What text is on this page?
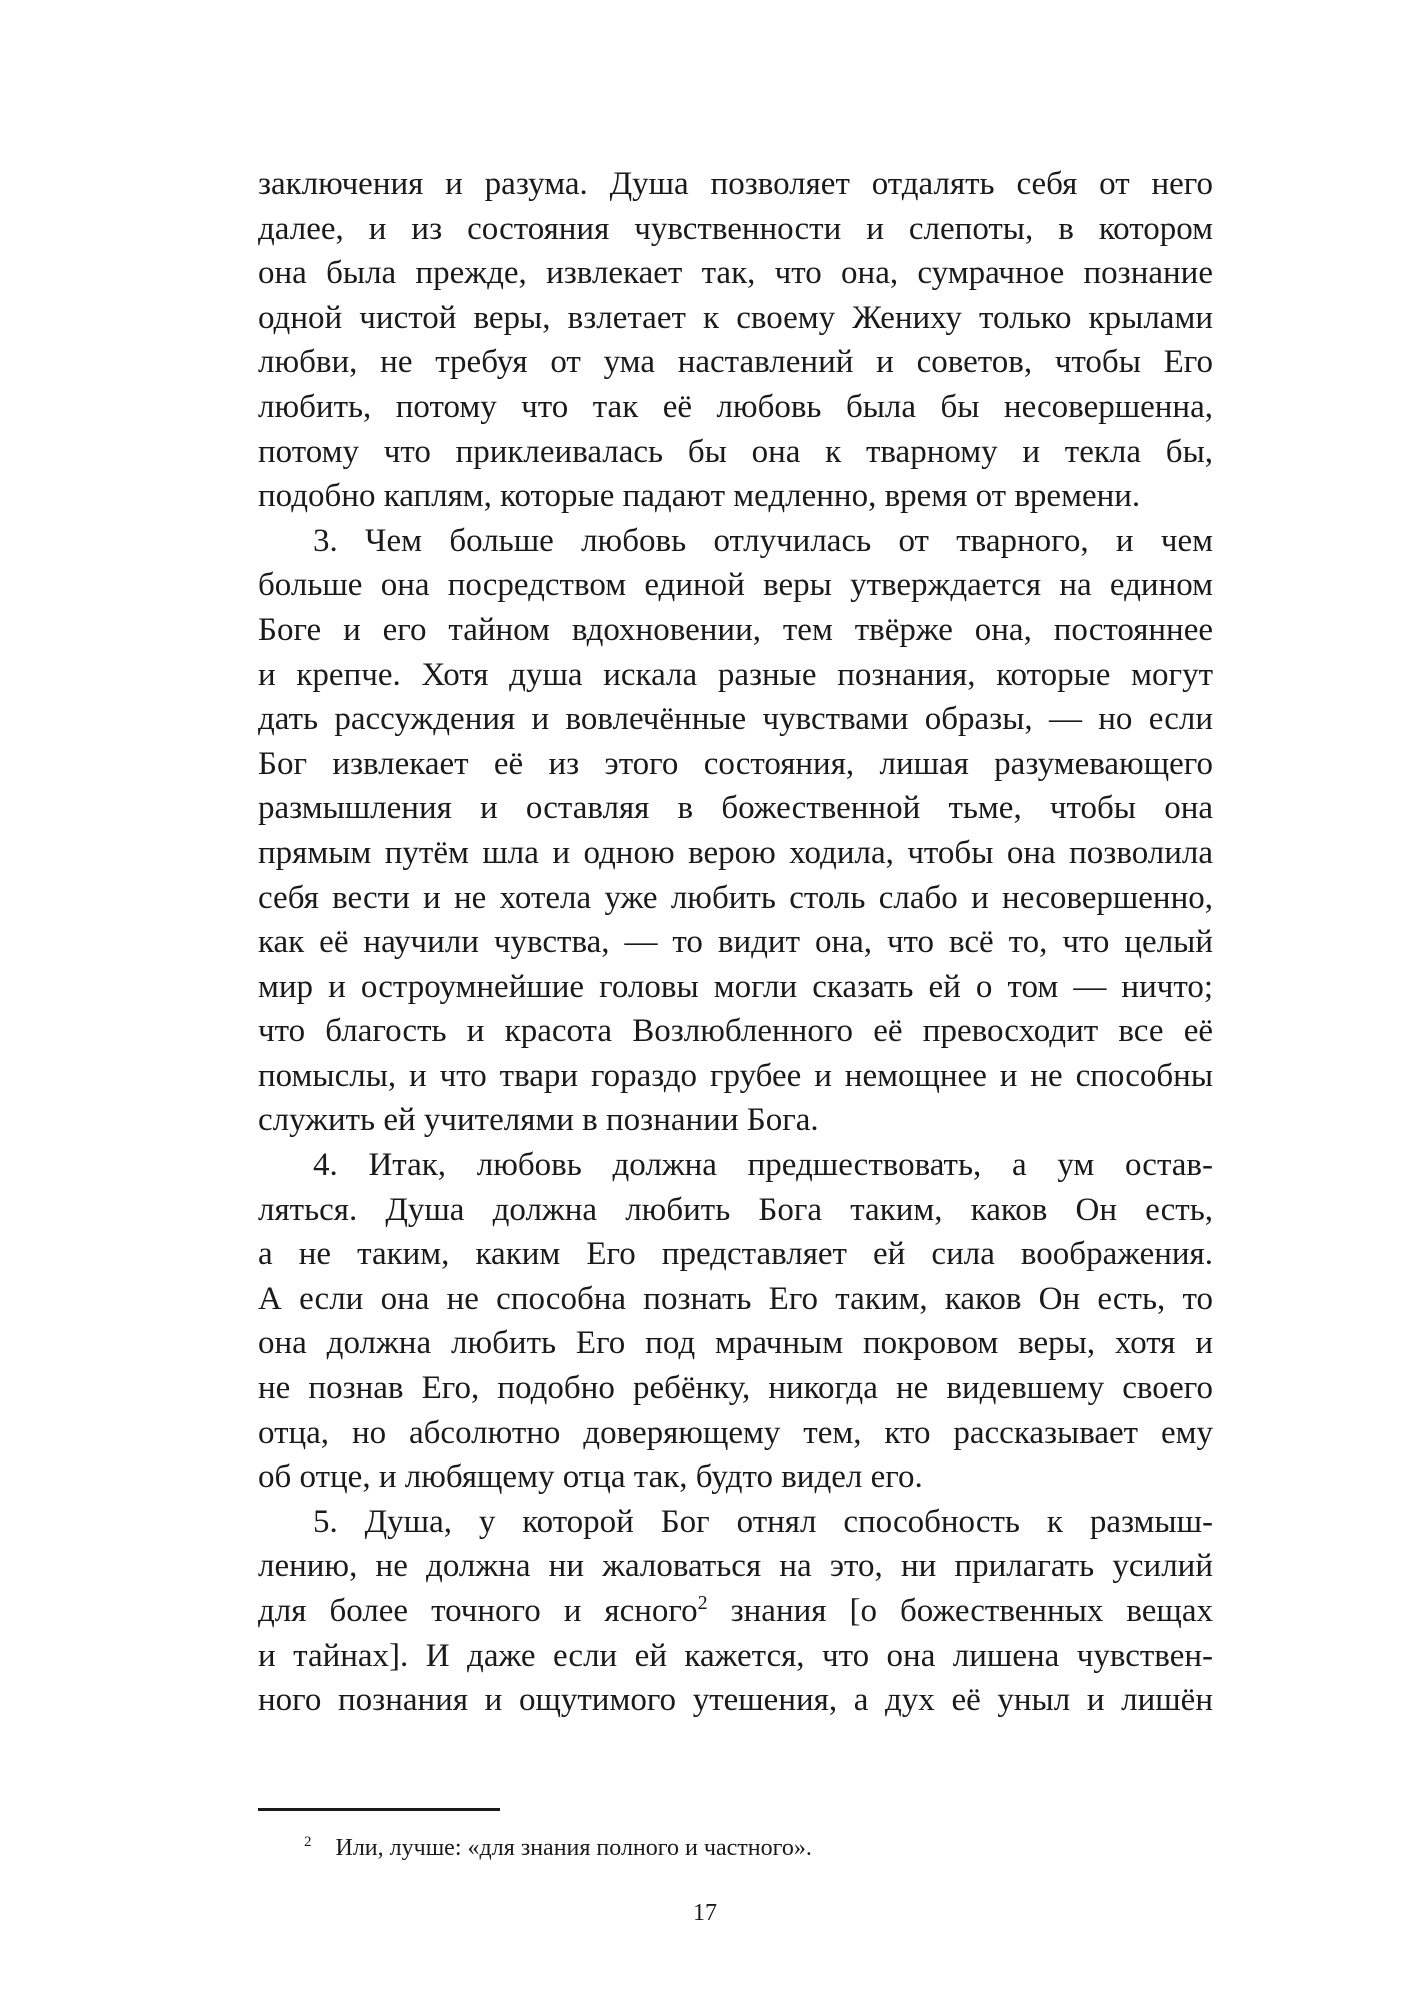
заключения и разума. Душа позволяет отдалять себя от него
далее, и из состояния чувственности и слепоты, в котором
она была прежде, извлекает так, что она, сумрачное познание
одной чистой веры, взлетает к своему Жениху только крылами
любви, не требуя от ума наставлений и советов, чтобы Его
любить, потому что так её любовь была бы несовершенна,
потому что приклеивалась бы она к тварному и текла бы,
подобно каплям, которые падают медленно, время от времени.
3. Чем больше любовь отлучилась от тварного, и чем
больше она посредством единой веры утверждается на едином
Боге и его тайном вдохновении, тем твёрже она, постояннее
и крепче. Хотя душа искала разные познания, которые могут
дать рассуждения и вовлечённые чувствами образы, — но если
Бог извлекает её из этого состояния, лишая разумевающего
размышления и оставляя в божественной тьме, чтобы она
прямым путём шла и одною верою ходила, чтобы она позволила
себя вести и не хотела уже любить столь слабо и несовершенно,
как её научили чувства, — то видит она, что всё то, что целый
мир и остроумнейшие головы могли сказать ей о том — ничто;
что благость и красота Возлюбленного её превосходит все её
помыслы, и что твари гораздо грубее и немощнее и не способны
служить ей учителями в познании Бога.
4. Итак, любовь должна предшествовать, а ум остав-
ляться. Душа должна любить Бога таким, каков Он есть,
а не таким, каким Его представляет ей сила воображения.
А если она не способна познать Его таким, каков Он есть, то
она должна любить Его под мрачным покровом веры, хотя и
не познав Его, подобно ребёнку, никогда не видевшему своего
отца, но абсолютно доверяющему тем, кто рассказывает ему
об отце, и любящему отца так, будто видел его.
5. Душа, у которой Бог отнял способность к размыш-
лению, не должна ни жаловаться на это, ни прилагать усилий
для более точного и ясного$^2$ знания [о божественных вещах
и тайнах]. И даже если ей кажется, что она лишена чувствен-
ного познания и ощутимого утешения, а дух её уныл и лишён
$^2$ Или, лучше: «для знания полного и частного».
17
